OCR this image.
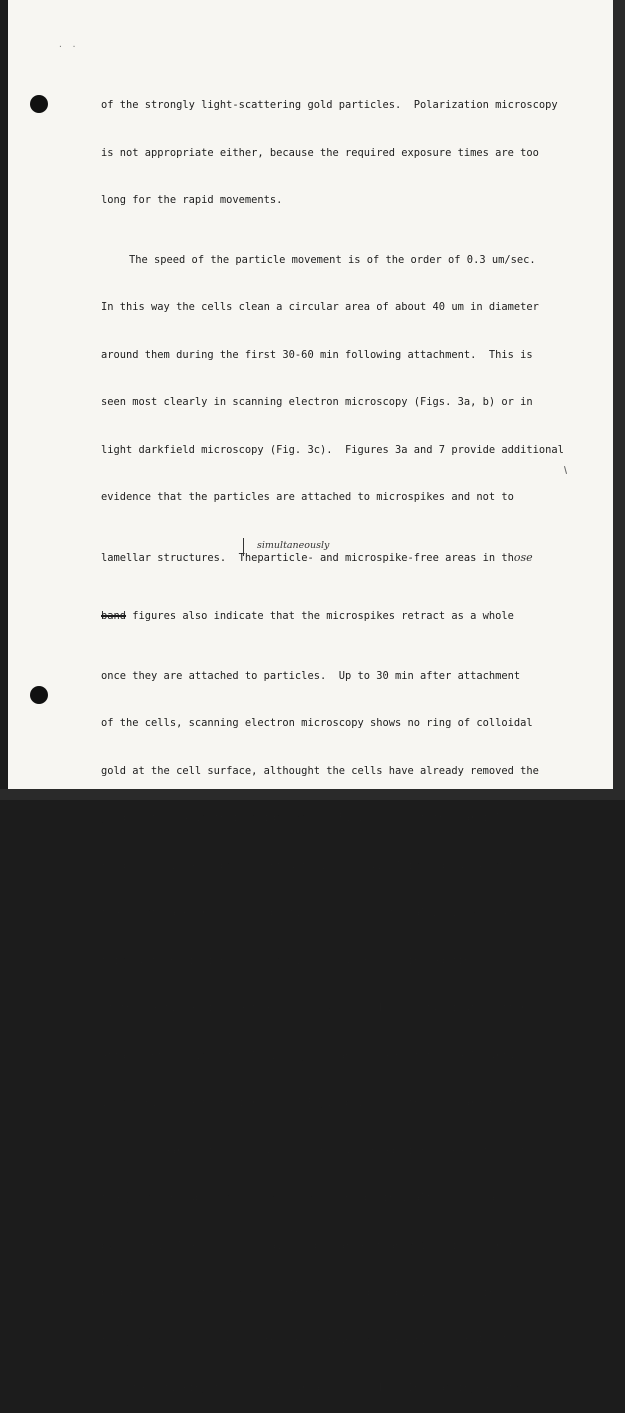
. .

of the strongly light-scattering gold particles.  Polarization microscopy

is not appropriate either, because the required exposure times are too

long for the rapid movements.

The speed of the particle movement is of the order of 0.3 um/sec.

In this way the cells clean a circular area of about 40 um in diameter

around them during the first 30-60 min following attachment.  This is

seen most clearly in scanning electron microscopy (Figs. 3a, b) or in

light darkfield microscopy (Fig. 3c).  Figures 3a and 7 provide additional

evidence that the particles are attached to microspikes and not to

lamellar structures.  The
simultaneously
particle- and microspike-free areas in those

band figures also indicate that the microspikes retract as a whole

once they are attached to particles.  Up to 30 min after attachment

of the cells, scanning electron microscopy shows no ring of colloidal

gold at the cell surface, althought the cells have already removed the

gold particles in their neighborhood (Fig. 3a).  Yet the particle

ring is visible in phase-contrast microsocpy.  This indicates that

the first back-transported particles become internalized.  We tested

this by transmission electron microscopy and did indeed find most

of the particles inside the cell body (Fig. 4).  Sixty minutes after

attachment, a ring of colloidal gold can be seen at the cell surface

in scanning electron microscopy (Fig. 3b).  Once the area around the

cell is cleared of colloidal gold, newly formed microspikes attach to

the glass and apparently normal spreading begins, although delayed

by 30 min.  The particles have to be larger than 0.1 um in order to

be back-transported.  Most of the smaller gold particles remain on

the glass (see Fig. 6), although we found some particles of 400 A

diameter sticking to the cell surface (Fig. 4).  In scanning electron
